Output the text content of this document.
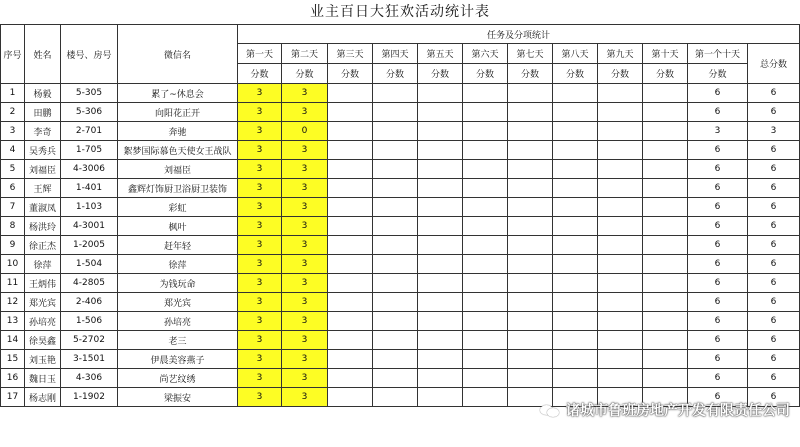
业主百日大狂欢活动统计表
序号	姓名	楼号、房号	微信名	任务及分项统计											
				第一天	第二天	第三天	第四天	第五天	第六天	第七天	第八天	第九天	第十天	第一个十天	总分数
				分数	分数	分数	分数	分数	分数	分数	分数	分数	分数	分数	
1	杨毅	5-305	累了~休息会	3	3									6	6
2	田鹏	5-306	向阳花正开	3	3									6	6
3	李奇	2-701	奔驰	3	0									3	3
4	吴秀兵	1-705	絮梦国际慕色天使女王战队	3	3									6	6
5	刘福臣	4-3006	刘福臣	3	3									6	6
6	王辉	1-401	鑫辉灯饰厨卫浴厨卫装饰	3	3									6	6
7	董淑凤	1-103	彩虹	3	3									6	6
8	杨洪玲	4-3001	枫叶	3	3									6	6
9	徐正杰	1-2005	赶年轻	3	3									6	6
10	徐萍	1-504	徐萍	3	3									6	6
11	王炳伟	4-2805	为钱玩命	3	3									6	6
12	郑光宾	2-406	郑光宾	3	3									6	6
13	孙培亮	1-506	孙培亮	3	3									6	6
14	徐昊鑫	5-2702	老三	3	3									6	6
15	刘玉艳	3-1501	伊晨美容燕子	3	3									6	6
16	魏日玉	4-306	尚艺纹绣	3	3									6	6
17	杨志刚	1-1902	梁振安	3	3									6	6
诸城市鲁班房地产开发有限责任公司
